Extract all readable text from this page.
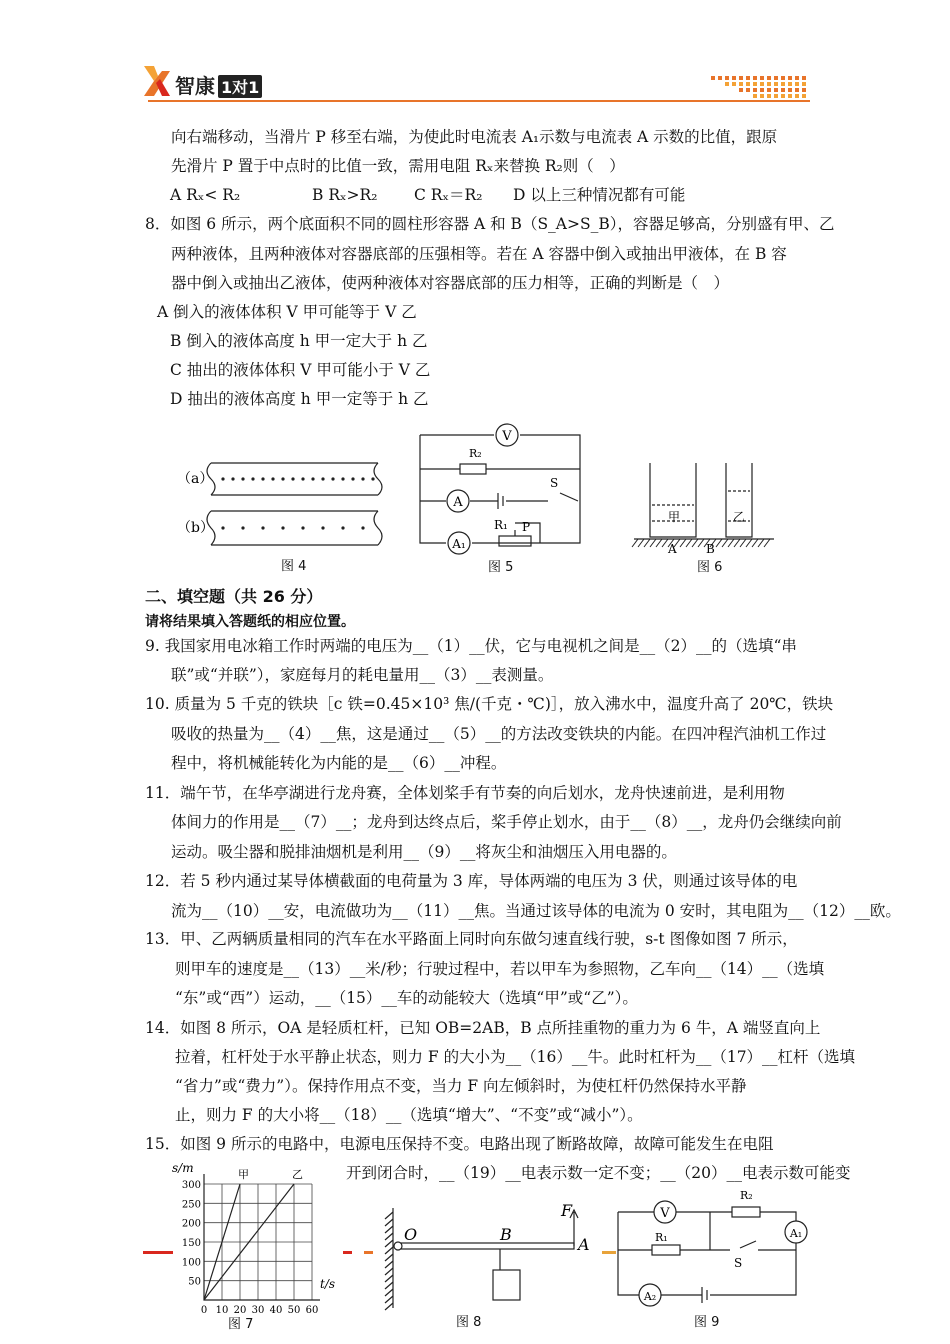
智康 1对1
向右端移动，当滑片 P 移至右端，为使此时电流表 A₁示数与电流表 A 示数的比值，跟原
先滑片 P 置于中点时的比值一致，需用电阻 Rₓ来替换 R₂则（　）
A Rₓ< R₂	B Rₓ>R₂ C Rₓ＝R₂ D 以上三种情况都有可能
8．如图 6 所示，两个底面积不同的圆柱形容器 A 和 B（S_A>S_B），容器足够高，分别盛有甲、乙
两种液体，且两种液体对容器底部的压强相等。若在 A 容器中倒入或抽出甲液体，在 B 容
器中倒入或抽出乙液体，使两种液体对容器底部的压力相等，正确的判断是（　）
A 倒入的液体体积 V 甲可能等于 V 乙
B 倒入的液体高度 h 甲一定大于 h 乙
C 抽出的液体体积 V 甲可能小于 V 乙
D 抽出的液体高度 h 甲一定等于 h 乙
（a）
（b）
图 4
V
R₂
A
S
R₁ P
A₁
图 5
甲	乙
A B
图 6
二、填空题（共 26 分）
请将结果填入答题纸的相应位置。
9. 我国家用电冰箱工作时两端的电压为__（1）__伏，它与电视机之间是__（2）__的（选填“串
联”或“并联”），家庭每月的耗电量用__（3）__表测量。
10. 质量为 5 千克的铁块［c 铁=0.45×10³ 焦/(千克・℃)］，放入沸水中，温度升高了 20℃，铁块
吸收的热量为__（4）__焦，这是通过__（5）__的方法改变铁块的内能。在四冲程汽油机工作过
程中，将机械能转化为内能的是__（6）__冲程。
11．端午节，在华亭湖进行龙舟赛，全体划桨手有节奏的向后划水，龙舟快速前进，是利用物
体间力的作用是__（7）__；龙舟到达终点后，桨手停止划水，由于__（8）__，龙舟仍会继续向前
运动。吸尘器和脱排油烟机是利用__（9）__将灰尘和油烟压入用电器的。
12．若 5 秒内通过某导体横截面的电荷量为 3 库，导体两端的电压为 3 伏，则通过该导体的电
流为__（10）__安，电流做功为__（11）__焦。当通过该导体的电流为 0 安时，其电阻为__（12）__欧。
13．甲、乙两辆质量相同的汽车在水平路面上同时向东做匀速直线行驶，s-t 图像如图 7 所示，
则甲车的速度是__（13）__米/秒；行驶过程中，若以甲车为参照物，乙车向__（14）__（选填
“东”或“西”）运动，__（15）__车的动能较大（选填“甲”或“乙”）。
14．如图 8 所示，OA 是轻质杠杆，已知 OB=2AB，B 点所挂重物的重力为 6 牛，A 端竖直向上
拉着，杠杆处于水平静止状态，则力 F 的大小为__（16）__牛。此时杠杆为__（17）__杠杆（选填
“省力”或“费力”）。保持作用点不变，当力 F 向左倾斜时，为使杠杆仍然保持水平静
止，则力 F 的大小将__（18）__（选填“增大”、“不变”或“减小”）。
15．如图 9 所示的电路中，电源电压保持不变。电路出现了断路故障，故障可能发生在电阻
开到闭合时，__（19）__电表示数一定不变；__（20）__电表示数可能变
s/m
t/s
甲	乙
0 10 20 30 40 50 60
50
100
150
200
250
300
图 7
O	B
A
F
图 8
V
R₂
A₁
R₁
S
A₂
图 9
